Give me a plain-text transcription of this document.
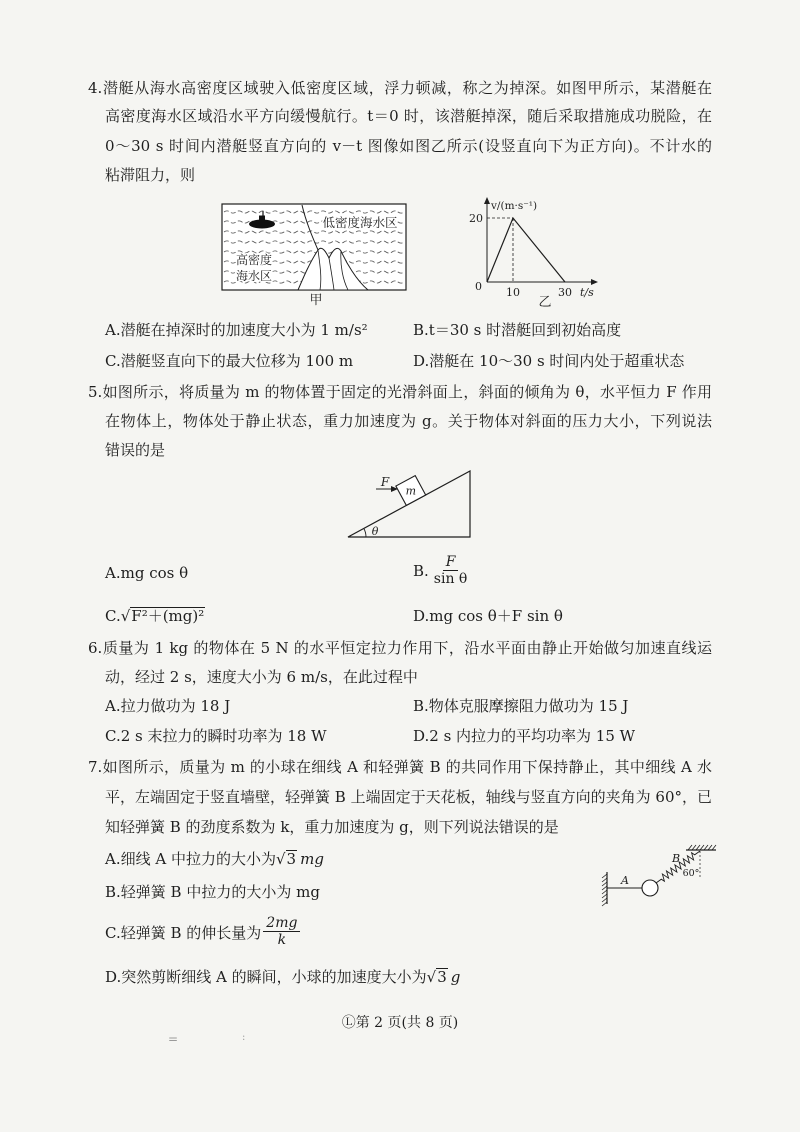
4.潜艇从海水高密度区域驶入低密度区域，浮力顿减，称之为掉深。如图甲所示，某潜艇在
高密度海水区域沿水平方向缓慢航行。t＝0 时，该潜艇掉深，随后采取措施成功脱险，在
0～30 s 时间内潜艇竖直方向的 v－t 图像如图乙所示(设竖直向下为正方向)。不计水的
粘滞阻力，则
A.潜艇在掉深时的加速度大小为 1 m/s²	B.t＝30 s 时潜艇回到初始高度
C.潜艇竖直向下的最大位移为 100 m	D.潜艇在 10～30 s 时间内处于超重状态
5.如图所示，将质量为 m 的物体置于固定的光滑斜面上，斜面的倾角为 θ，水平恒力 F 作用
在物体上，物体处于静止状态，重力加速度为 g。关于物体对斜面的压力大小，下列说法
错误的是
A.mg cos θ	B. $\frac{F}{\text{sin θ}}$
C.√F²＋(mg)²	D.mg cos θ＋F sin θ
6.质量为 1 kg 的物体在 5 N 的水平恒定拉力作用下，沿水平面由静止开始做匀加速直线运
动，经过 2 s，速度大小为 6 m/s，在此过程中
A.拉力做功为 18 J	B.物体克服摩擦阻力做功为 15 J
C.2 s 末拉力的瞬时功率为 18 W	D.2 s 内拉力的平均功率为 15 W
7.如图所示，质量为 m 的小球在细线 A 和轻弹簧 B 的共同作用下保持静止，其中细线 A 水
平，左端固定于竖直墙壁，轻弹簧 B 上端固定于天花板，轴线与竖直方向的夹角为 60°，已
知轻弹簧 B 的劲度系数为 k，重力加速度为 g，则下列说法错误的是
A.细线 A 中拉力的大小为√3  mg
B.轻弹簧 B 中拉力的大小为 mg
C.轻弹簧 B 的伸长量为 $\frac{2mg}{k}$
D.突然剪断细线 A 的瞬间，小球的加速度大小为√3  g
低密度海水区
高密度
海水区
甲
v/(m·s⁻¹)
20
0 10	30 t/s
乙
m
F
θ
A
B
60°
Ⓛ第 2 页(共 8 页)
=	:
